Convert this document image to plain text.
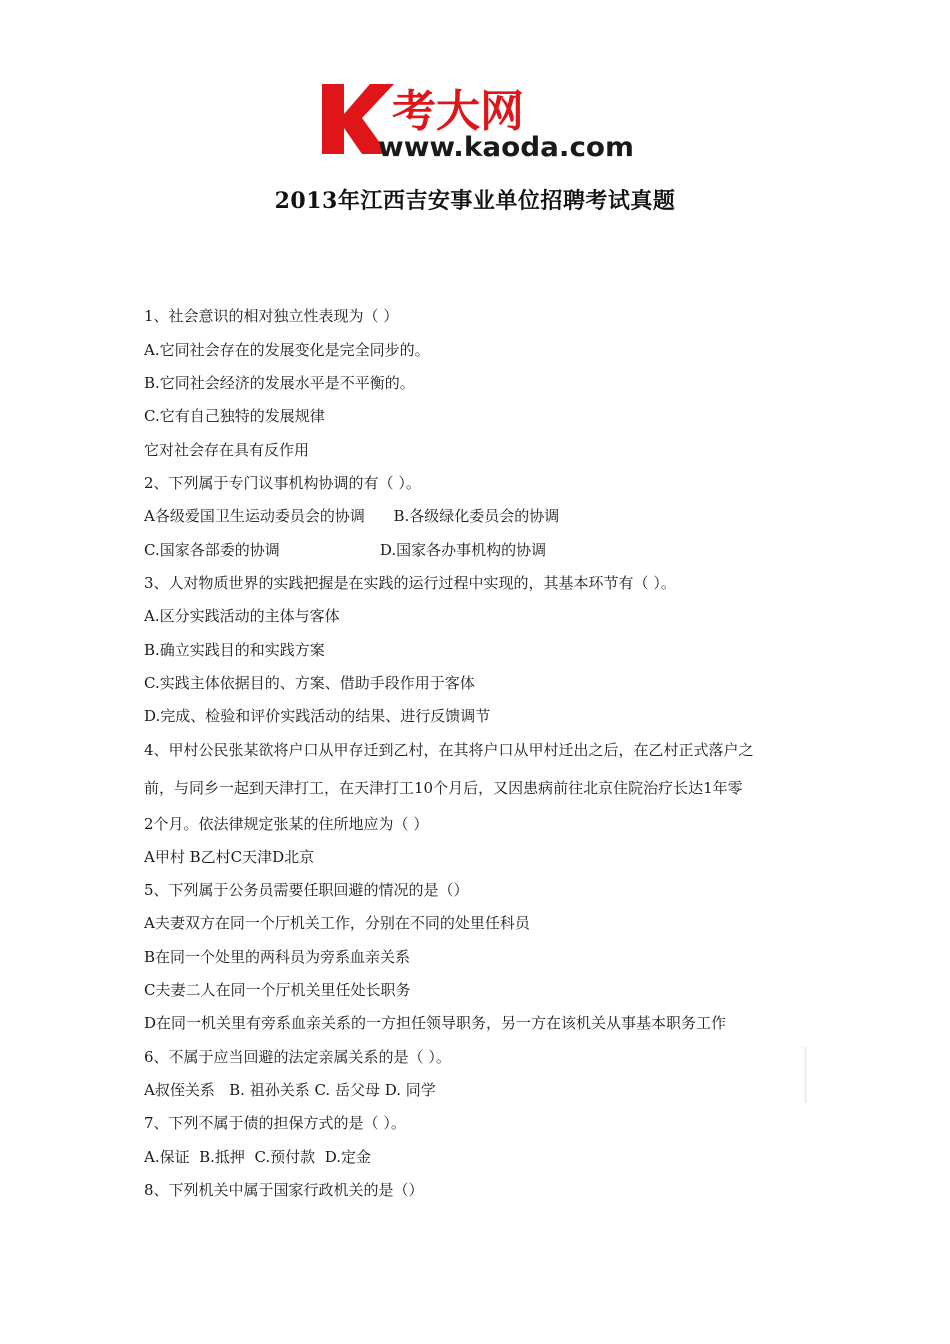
考大网
www.kaoda.com
2013年江西吉安事业单位招聘考试真题
1、社会意识的相对独立性表现为（ ）
A.它同社会存在的发展变化是完全同步的。
B.它同社会经济的发展水平是不平衡的。
C.它有自己独特的发展规律
它对社会存在具有反作用
2、下列属于专门议事机构协调的有（ ）。
A各级爱国卫生运动委员会的协调      B.各级绿化委员会的协调
C.国家各部委的协调                     D.国家各办事机构的协调
3、人对物质世界的实践把握是在实践的运行过程中实现的，其基本环节有（ ）。
A.区分实践活动的主体与客体
B.确立实践目的和实践方案
C.实践主体依据目的、方案、借助手段作用于客体
D.完成、检验和评价实践活动的结果、进行反馈调节
4、甲村公民张某欲将户口从甲存迁到乙村，在其将户口从甲村迁出之后，在乙村正式落户之
前，与同乡一起到天津打工，在天津打工10个月后，又因患病前往北京住院治疗长达1年零
2个月。依法律规定张某的住所地应为（ ）
A甲村 B乙村C天津D北京
5、下列属于公务员需要任职回避的情况的是（）
A夫妻双方在同一个厅机关工作，分别在不同的处里任科员
B在同一个处里的两科员为旁系血亲关系
C夫妻二人在同一个厅机关里任处长职务
D在同一机关里有旁系血亲关系的一方担任领导职务，另一方在该机关从事基本职务工作
6、不属于应当回避的法定亲属关系的是（ ）。
A叔侄关系   B. 祖孙关系 C. 岳父母 D. 同学
7、下列不属于债的担保方式的是（ ）。
A.保证  B.抵押  C.预付款  D.定金
8、下列机关中属于国家行政机关的是（）
